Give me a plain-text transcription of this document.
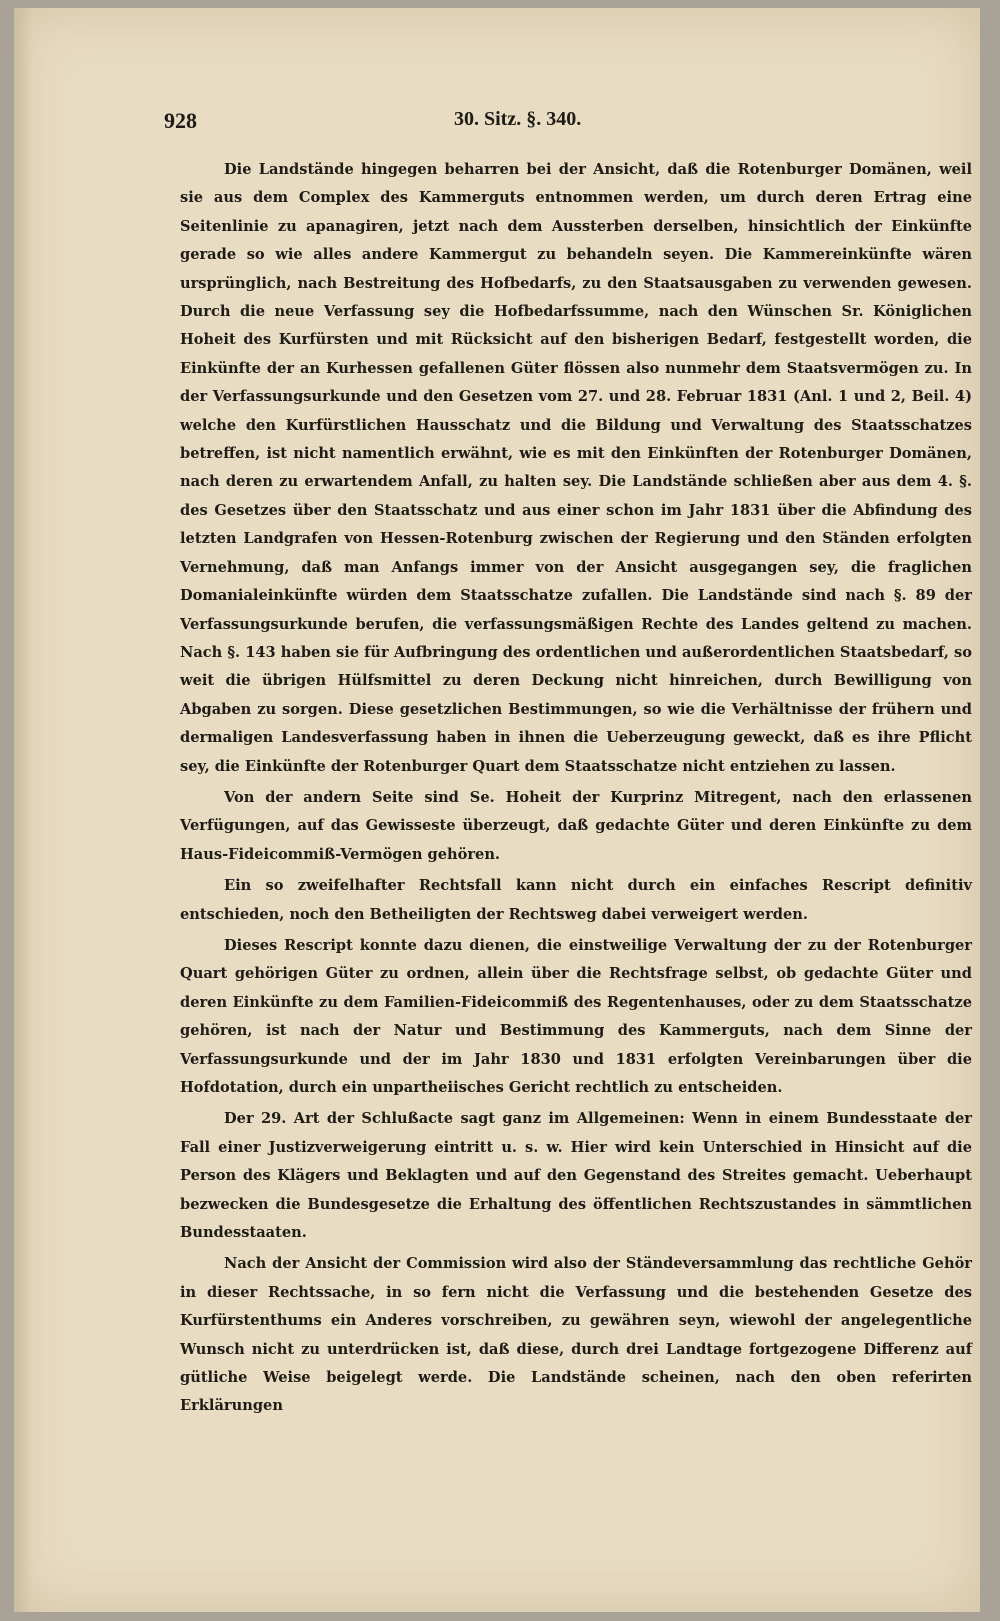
928	30. Sitz. §. 340.

Die Landstände hingegen beharren bei der Ansicht, daß die Rotenburger Domänen, weil sie aus dem Complex des Kammerguts entnommen werden, um durch deren Ertrag eine Seitenlinie zu apanagiren, jetzt nach dem Aussterben derselben, hinsichtlich der Einkünfte gerade so wie alles andere Kammergut zu behandeln seyen. Die Kammereinkünfte wären ursprünglich, nach Bestreitung des Hofbedarfs, zu den Staatsausgaben zu verwenden gewesen. Durch die neue Verfassung sey die Hofbedarfssumme, nach den Wünschen Sr. Königlichen Hoheit des Kurfürsten und mit Rücksicht auf den bisherigen Bedarf, festgestellt worden, die Einkünfte der an Kurhessen gefallenen Güter flössen also nunmehr dem Staatsvermögen zu. In der Verfassungsurkunde und den Gesetzen vom 27. und 28. Februar 1831 (Anl. 1 und 2, Beil. 4) welche den Kurfürstlichen Hausschatz und die Bildung und Verwaltung des Staatsschatzes betreffen, ist nicht namentlich erwähnt, wie es mit den Einkünften der Rotenburger Domänen, nach deren zu erwartendem Anfall, zu halten sey. Die Landstände schließen aber aus dem 4. §. des Gesetzes über den Staatsschatz und aus einer schon im Jahr 1831 über die Abfindung des letzten Landgrafen von Hessen-Rotenburg zwischen der Regierung und den Ständen erfolgten Vernehmung, daß man Anfangs immer von der Ansicht ausgegangen sey, die fraglichen Domanialeinkünfte würden dem Staatsschatze zufallen. Die Landstände sind nach §. 89 der Verfassungsurkunde berufen, die verfassungsmäßigen Rechte des Landes geltend zu machen. Nach §. 143 haben sie für Aufbringung des ordentlichen und außerordentlichen Staatsbedarf, so weit die übrigen Hülfsmittel zu deren Deckung nicht hinreichen, durch Bewilligung von Abgaben zu sorgen. Diese gesetzlichen Bestimmungen, so wie die Verhältnisse der frühern und dermaligen Landesverfassung haben in ihnen die Ueberzeugung geweckt, daß es ihre Pflicht sey, die Einkünfte der Rotenburger Quart dem Staatsschatze nicht entziehen zu lassen.

Von der andern Seite sind Se. Hoheit der Kurprinz Mitregent, nach den erlassenen Verfügungen, auf das Gewisseste überzeugt, daß gedachte Güter und deren Einkünfte zu dem Haus-Fideicommiß-Vermögen gehören.

Ein so zweifelhafter Rechtsfall kann nicht durch ein einfaches Rescript definitiv entschieden, noch den Betheiligten der Rechtsweg dabei verweigert werden.

Dieses Rescript konnte dazu dienen, die einstweilige Verwaltung der zu der Rotenburger Quart gehörigen Güter zu ordnen, allein über die Rechtsfrage selbst, ob gedachte Güter und deren Einkünfte zu dem Familien-Fideicommiß des Regentenhauses, oder zu dem Staatsschatze gehören, ist nach der Natur und Bestimmung des Kammerguts, nach dem Sinne der Verfassungsurkunde und der im Jahr 1830 und 1831 erfolgten Vereinbarungen über die Hofdotation, durch ein unpartheiisches Gericht rechtlich zu entscheiden.

Der 29. Art der Schlußacte sagt ganz im Allgemeinen: Wenn in einem Bundesstaate der Fall einer Justizverweigerung eintritt u. s. w. Hier wird kein Unterschied in Hinsicht auf die Person des Klägers und Beklagten und auf den Gegenstand des Streites gemacht. Ueberhaupt bezwecken die Bundesgesetze die Erhaltung des öffentlichen Rechtszustandes in sämmtlichen Bundesstaaten.

Nach der Ansicht der Commission wird also der Ständeversammlung das rechtliche Gehör in dieser Rechtssache, in so fern nicht die Verfassung und die bestehenden Gesetze des Kurfürstenthums ein Anderes vorschreiben, zu gewähren seyn, wiewohl der angelegentliche Wunsch nicht zu unterdrücken ist, daß diese, durch drei Landtage fortgezogene Differenz auf gütliche Weise beigelegt werde. Die Landstände scheinen, nach den oben referirten Erklärungen
